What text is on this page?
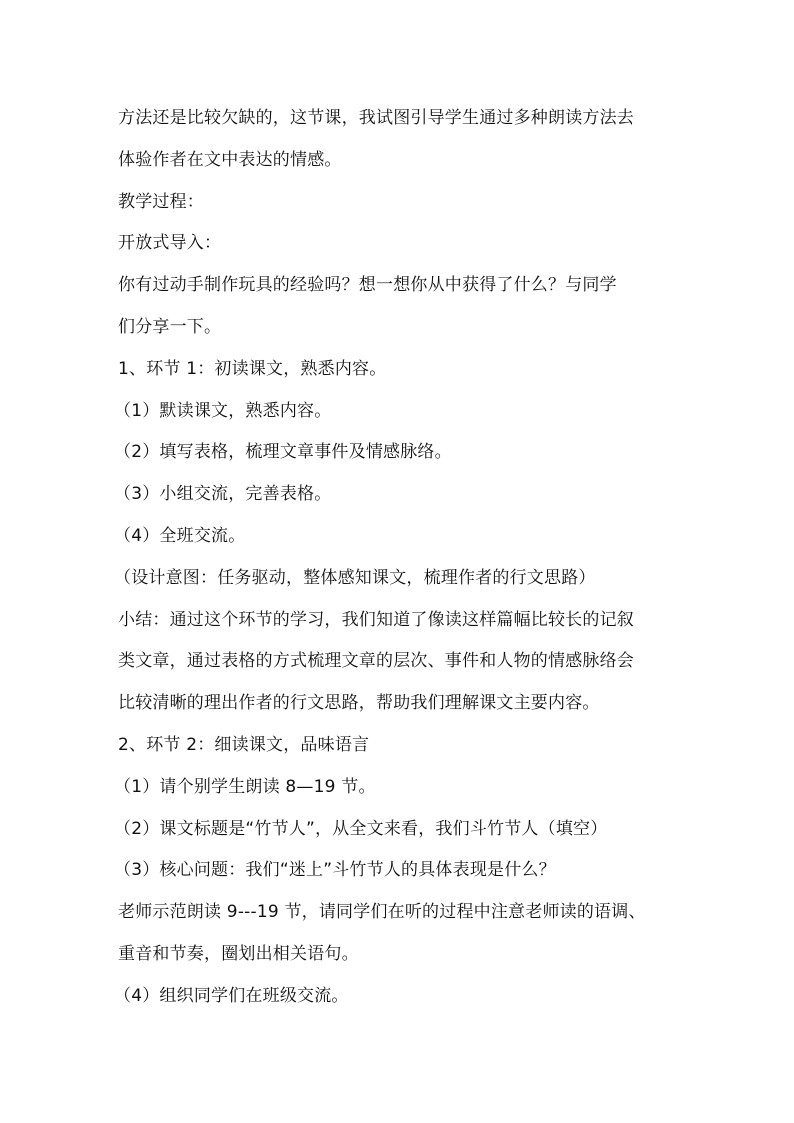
方法还是比较欠缺的，这节课，我试图引导学生通过多种朗读方法去
体验作者在文中表达的情感。
教学过程：
开放式导入：
你有过动手制作玩具的经验吗？想一想你从中获得了什么？与同学
们分享一下。
1、环节 1：初读课文，熟悉内容。
（1）默读课文，熟悉内容。
（2）填写表格，梳理文章事件及情感脉络。
（3）小组交流，完善表格。
（4）全班交流。
（设计意图：任务驱动，整体感知课文，梳理作者的行文思路）
小结：通过这个环节的学习，我们知道了像读这样篇幅比较长的记叙
类文章，通过表格的方式梳理文章的层次、事件和人物的情感脉络会
比较清晰的理出作者的行文思路，帮助我们理解课文主要内容。
2、环节 2：细读课文，品味语言
（1）请个别学生朗读 8—19 节。
（2）课文标题是“竹节人”，从全文来看，我们斗竹节人（填空）
（3）核心问题：我们“迷上”斗竹节人的具体表现是什么？
老师示范朗读 9---19 节，请同学们在听的过程中注意老师读的语调、
重音和节奏，圈划出相关语句。
（4）组织同学们在班级交流。
